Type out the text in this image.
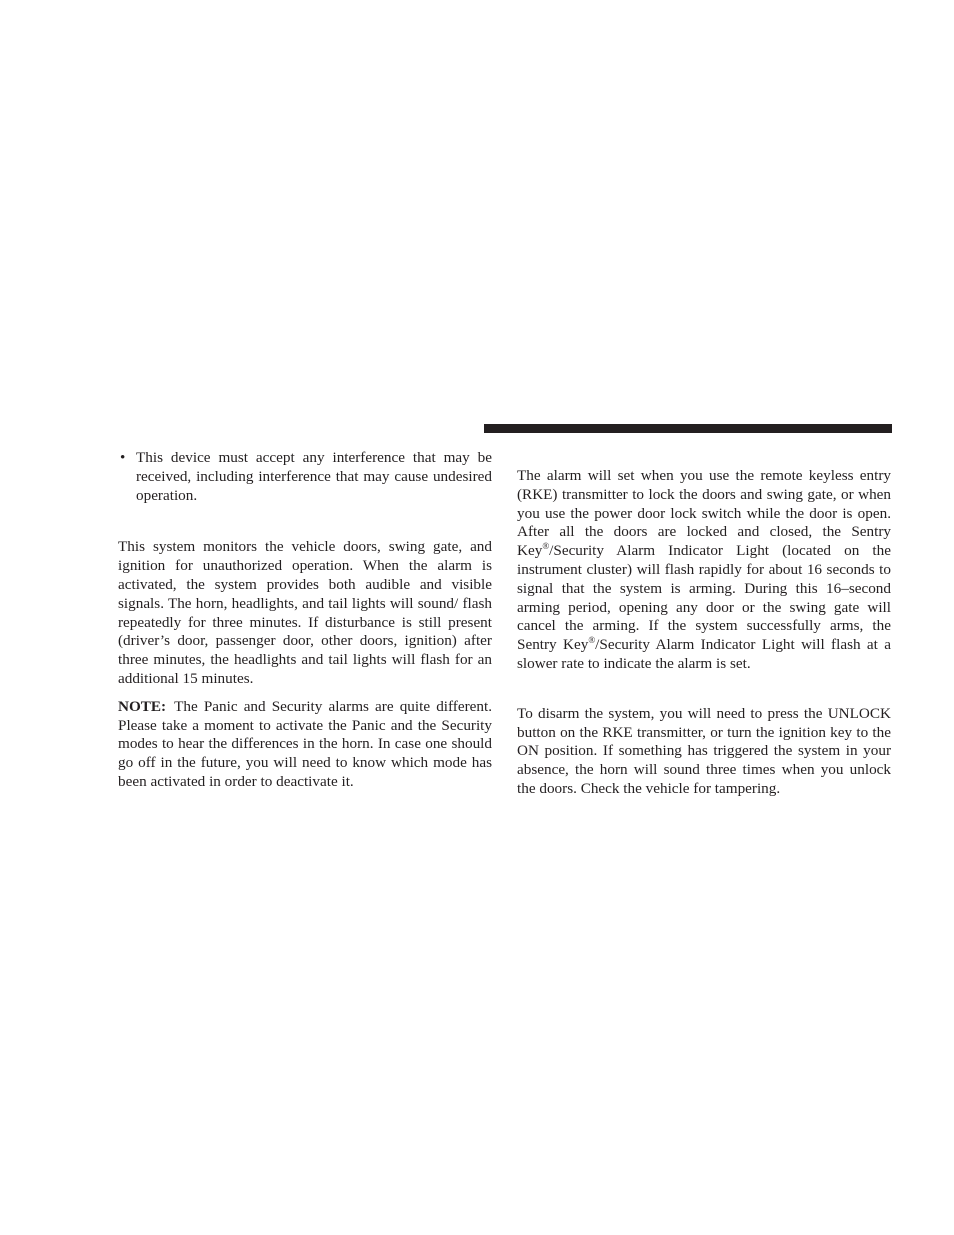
• This device must accept any interference that may be received, including interference that may cause undesired operation.

This system monitors the vehicle doors, swing gate, and ignition for unauthorized operation. When the alarm is activated, the system provides both audible and visible signals. The horn, headlights, and tail lights will sound/ flash repeatedly for three minutes. If disturbance is still present (driver’s door, passenger door, other doors, ignition) after three minutes, the headlights and tail lights will flash for an additional 15 minutes.

NOTE: The Panic and Security alarms are quite different. Please take a moment to activate the Panic and the Security modes to hear the differences in the horn. In case one should go off in the future, you will need to know which mode has been activated in order to deactivate it.

The alarm will set when you use the remote keyless entry (RKE) transmitter to lock the doors and swing gate, or when you use the power door lock switch while the door is open. After all the doors are locked and closed, the Sentry Key®/Security Alarm Indicator Light (located on the instrument cluster) will flash rapidly for about 16 seconds to signal that the system is arming. During this 16–second arming period, opening any door or the swing gate will cancel the arming. If the system successfully arms, the Sentry Key®/Security Alarm Indicator Light will flash at a slower rate to indicate the alarm is set.

To disarm the system, you will need to press the UNLOCK button on the RKE transmitter, or turn the ignition key to the ON position. If something has triggered the system in your absence, the horn will sound three times when you unlock the doors. Check the vehicle for tampering.
